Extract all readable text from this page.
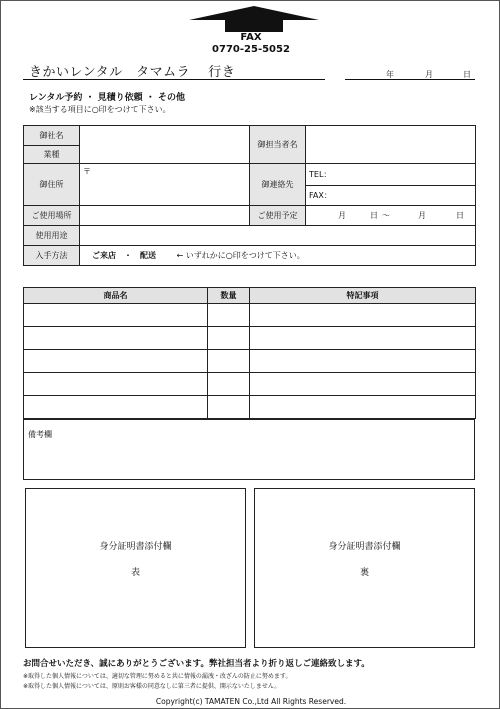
FAX
0770-25-5052
きかいレンタル　タマムラ　 行き	年	月	日
レンタル予約 ・ 見積り依頼 ・ その他
※該当する項目に○印をつけて下さい。
御社名		御担当者名	
業種			
御住所	〒	御連絡先	TEL：
			FAX：
ご使用場所		ご使用予定	月 日 〜 月 日
使用用途			
入手方法	ご来店　・　配送 ← いずれかに○印をつけて下さい。		
商品名	数量	特記事項

備考欄
身分証明書添付欄
表
身分証明書添付欄
裏
お問合せいただき、誠にありがとうございます。弊社担当者より折り返しご連絡致します。
※取得した個人情報については、適切な管理に努めると共に情報の漏洩・改ざんの防止に努めます。
※取得した個人情報については、原則お客様の同意なしに第三者に提供、開示ないたしません。
Copyright(c) TAMATEN Co.,Ltd All Rights Reserved.
